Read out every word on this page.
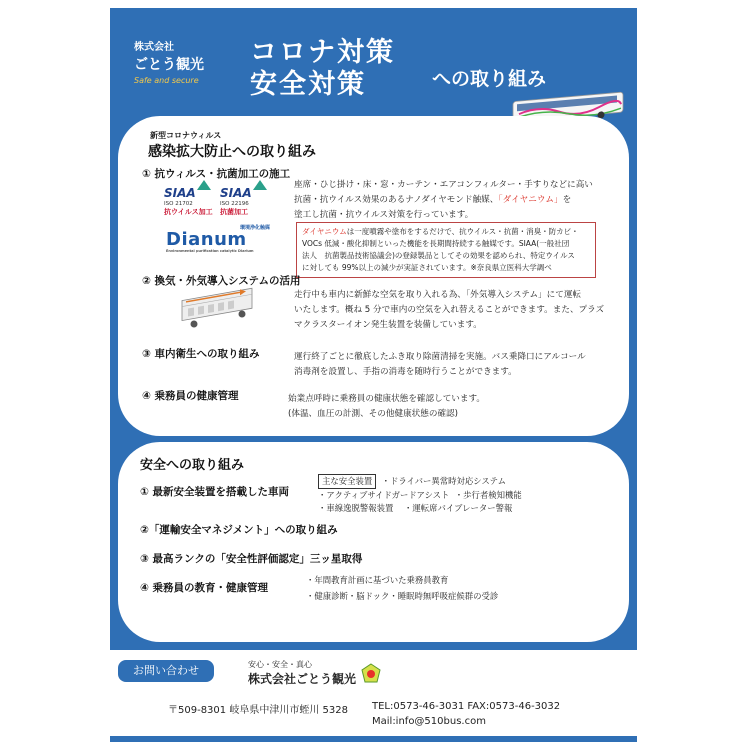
株式会社
ごとう観光
Safe and secure
コロナ対策
安全対策	への取り組み
新型コロナウィルス
感染拡大防止への取り組み
① 抗ウィルス・抗菌加工の施工
SIAA
ISO 21702
抗ウイルス加工
SIAA
ISO 22196
抗菌加工
環境浄化触媒
Dianum
Environmental purification catalytic Diarium
座席・ひじ掛け・床・窓・カーテン・エアコンフィルター・手すりなどに高い
抗菌・抗ウイルス効果のあるナノダイヤモンド触媒、「ダイヤニウム」を
塗工し抗菌・抗ウイルス対策を行っています。
ダイヤニウムは一度噴霧や塗布をするだけで、抗ウイルス・抗菌・消臭・防カビ・
VOCs 低減・酸化抑制といった機能を長期間持続する触媒です。SIAA(一般社団
法人　抗菌製品技術協議会)の登録製品としてその効果を認められ、特定ウイルス
に対しても 99%以上の減少が実証されています。※奈良県立医科大学調べ
② 換気・外気導入システムの活用
走行中も車内に新鮮な空気を取り入れる為、「外気導入システム」にて運転
いたします。概ね 5 分で車内の空気を入れ替えることができます。また、プラズ
マクラスターイオン発生装置を装備しています。
③ 車内衛生への取り組み	運行終了ごとに徹底したふき取り除菌清掃を実施。バス乗降口にアルコール
消毒剤を設置し、手指の消毒を随時行うことができます。
④ 乗務員の健康管理	始業点呼時に乗務員の健康状態を確認しています。
(体温、血圧の計測、その他健康状態の確認)
安全への取り組み
① 最新安全装置を搭載した車両
主な安全装置 ・ドライバー異常時対応システム
・アクティブサイドガードアシスト ・歩行者検知機能
・車線逸脱警報装置 ・運転席バイブレーター警報
②「運輸安全マネジメント」への取り組み
③ 最高ランクの「安全性評価認定」三ッ星取得
④ 乗務員の教育・健康管理
・年間教育計画に基づいた乗務員教育
・健康診断・脳ドック・睡眠時無呼吸症候群の受診
お問い合わせ	安心・安全・真心
株式会社ごとう観光
〒509-8301 岐阜県中津川市蛭川 5328 TEL:0573-46-3031 FAX:0573-46-3032
Mail:info@510bus.com
